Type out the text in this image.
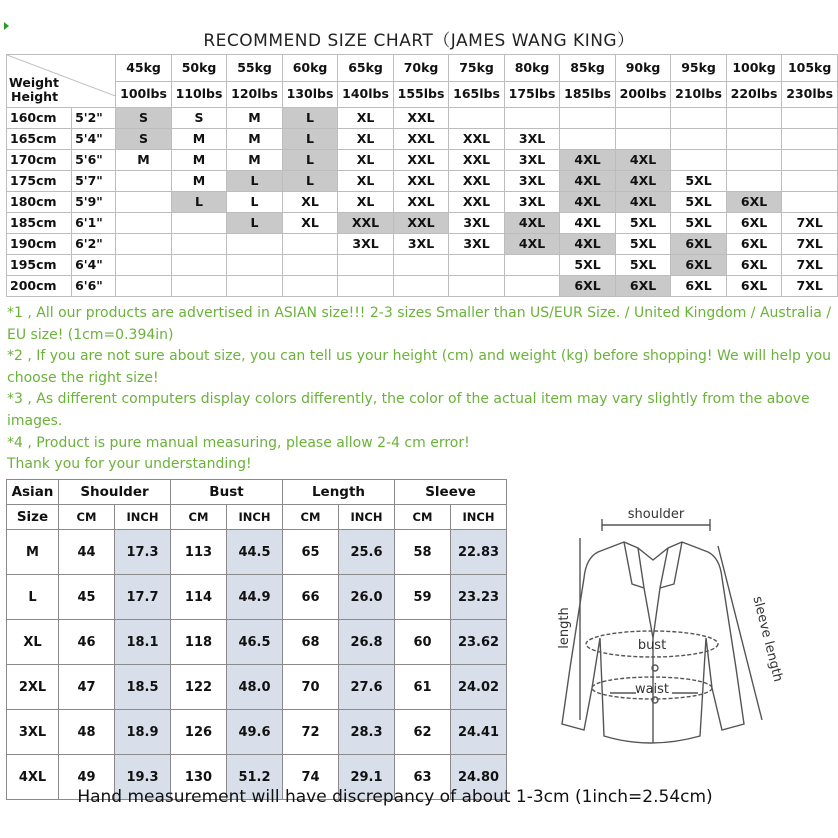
RECOMMEND SIZE CHART（JAMES WANG KING）
Weight
Height		45kg	50kg	55kg	60kg	65kg	70kg	75kg	80kg	85kg	90kg	95kg	100kg	105kg
		100lbs	110lbs	120lbs	130lbs	140lbs	155lbs	165lbs	175lbs	185lbs	200lbs	210lbs	220lbs	230lbs
160cm	5'2"	S	S	M	L	XL	XXL							
165cm	5'4"	S	M	M	L	XL	XXL	XXL	3XL					
170cm	5'6"	M	M	M	L	XL	XXL	XXL	3XL	4XL	4XL			
175cm	5'7"		M	L	L	XL	XXL	XXL	3XL	4XL	4XL	5XL		
180cm	5'9"		L	L	XL	XL	XXL	XXL	3XL	4XL	4XL	5XL	6XL	
185cm	6'1"			L	XL	XXL	XXL	3XL	4XL	4XL	5XL	5XL	6XL	7XL
190cm	6'2"					3XL	3XL	3XL	4XL	4XL	5XL	6XL	6XL	7XL
195cm	6'4"									5XL	5XL	6XL	6XL	7XL
200cm	6'6"									6XL	6XL	6XL	6XL	7XL

*1 , All our products are advertised in ASIAN size!!! 2-3 sizes Smaller than US/EUR Size. / United Kingdom / Australia / EU size! (1cm=0.394in)

*2 , If you are not sure about size, you can tell us your height (cm) and weight (kg) before shopping! We will help you choose the right size!

*3 , As different computers display colors differently, the color of the actual item may vary slightly from the above images.

*4 , Product is pure manual measuring, please allow 2-4 cm error!

Thank you for your understanding!

Asian	Shoulder		Bust		Length		Sleeve	
Size	CM	INCH	CM	INCH	CM	INCH	CM	INCH
M	44	17.3	113	44.5	65	25.6	58	22.83
L	45	17.7	114	44.9	66	26.0	59	23.23
XL	46	18.1	118	46.5	68	26.8	60	23.62
2XL	47	18.5	122	48.0	70	27.6	61	24.02
3XL	48	18.9	126	49.6	72	28.3	62	24.41
4XL	49	19.3	130	51.2	74	29.1	63	24.80
shoulder
length	sleeve length
bust
waist
Hand measurement will have discrepancy of about 1-3cm (1inch=2.54cm)
